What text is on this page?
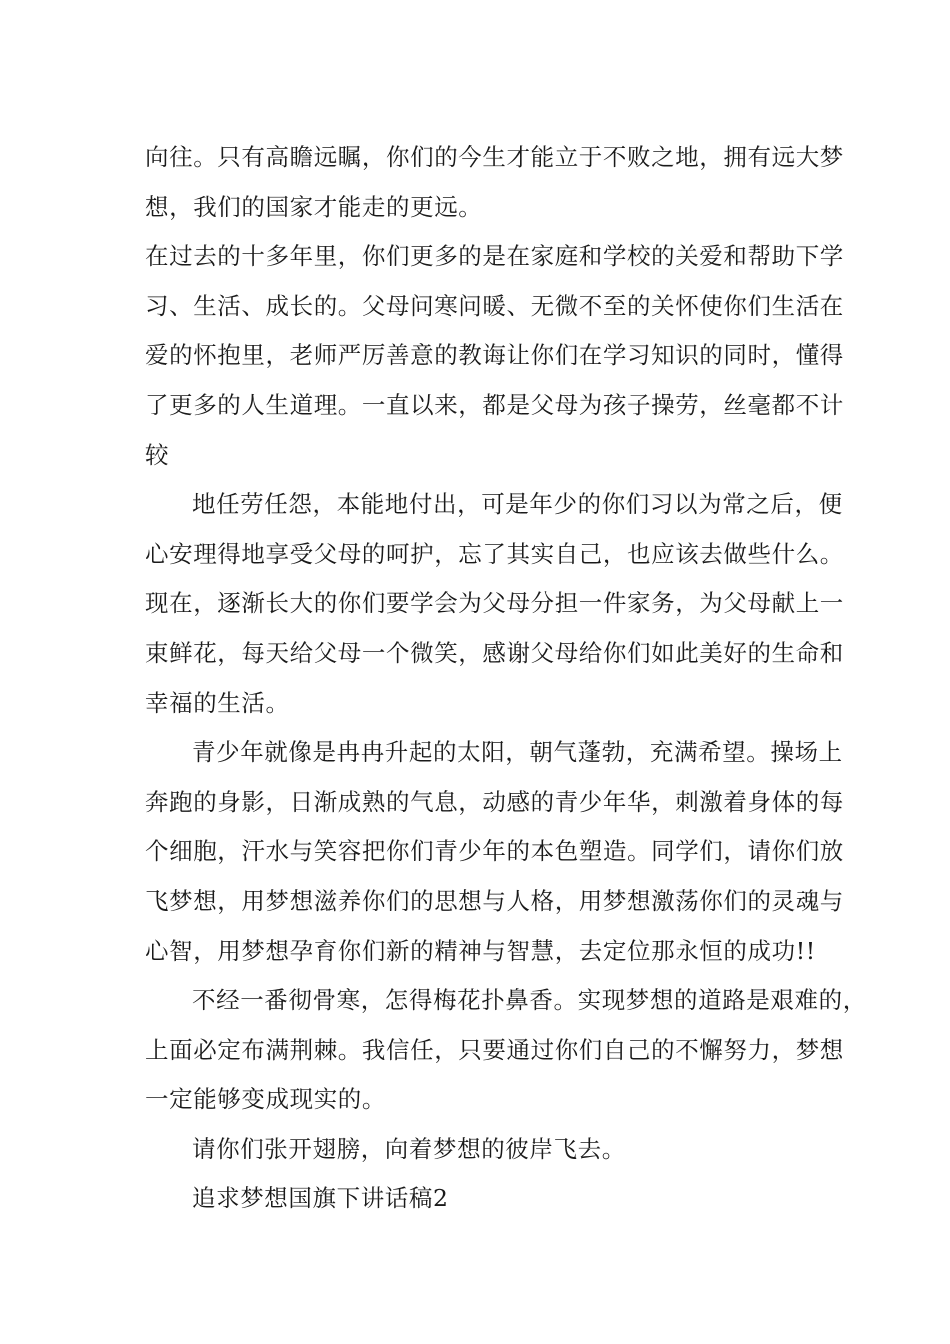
向往。只有高瞻远瞩，你们的今生才能立于不败之地，拥有远大梦
想，我们的国家才能走的更远。
在过去的十多年里，你们更多的是在家庭和学校的关爱和帮助下学
习、生活、成长的。父母问寒问暖、无微不至的关怀使你们生活在
爱的怀抱里，老师严厉善意的教诲让你们在学习知识的同时，懂得
了更多的人生道理。一直以来，都是父母为孩子操劳，丝毫都不计
较
地任劳任怨，本能地付出，可是年少的你们习以为常之后，便
心安理得地享受父母的呵护，忘了其实自己，也应该去做些什么。
现在，逐渐长大的你们要学会为父母分担一件家务，为父母献上一
束鲜花，每天给父母一个微笑，感谢父母给你们如此美好的生命和
幸福的生活。
青少年就像是冉冉升起的太阳，朝气蓬勃，充满希望。操场上
奔跑的身影，日渐成熟的气息，动感的青少年华，刺激着身体的每
个细胞，汗水与笑容把你们青少年的本色塑造。同学们，请你们放
飞梦想，用梦想滋养你们的思想与人格，用梦想激荡你们的灵魂与
心智，用梦想孕育你们新的精神与智慧，去定位那永恒的成功!!
不经一番彻骨寒，怎得梅花扑鼻香。实现梦想的道路是艰难的，
上面必定布满荆棘。我信任，只要通过你们自己的不懈努力，梦想
一定能够变成现实的。
请你们张开翅膀，向着梦想的彼岸飞去。
追求梦想国旗下讲话稿2
